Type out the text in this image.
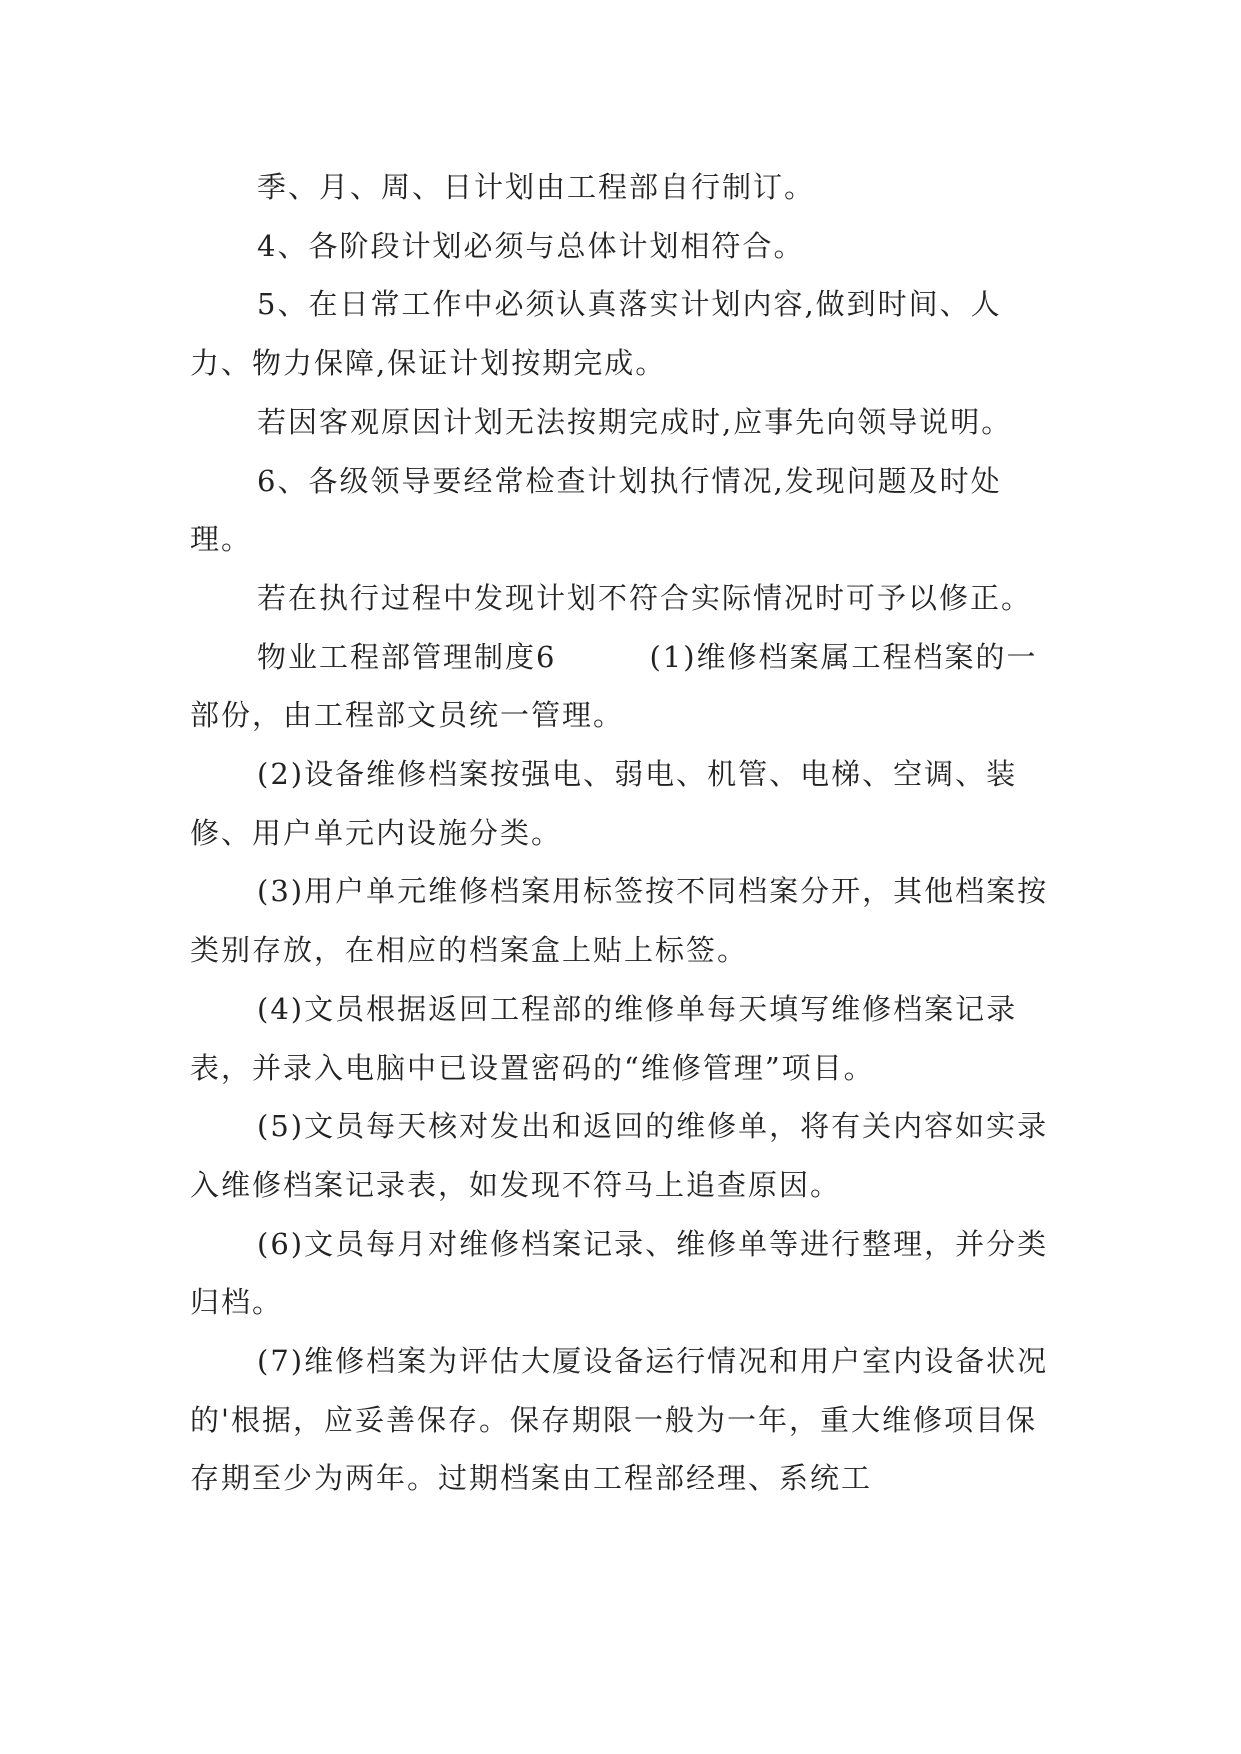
季、月、周、日计划由工程部自行制订。

4、各阶段计划必须与总体计划相符合。

5、在日常工作中必须认真落实计划内容,做到时间、人力、物力保障,保证计划按期完成。

若因客观原因计划无法按期完成时,应事先向领导说明。

6、各级领导要经常检查计划执行情况,发现问题及时处理。

若在执行过程中发现计划不符合实际情况时可予以修正。

物业工程部管理制度6　　　(1)维修档案属工程档案的一部份，由工程部文员统一管理。

(2)设备维修档案按强电、弱电、机管、电梯、空调、装修、用户单元内设施分类。

(3)用户单元维修档案用标签按不同档案分开，其他档案按类别存放，在相应的档案盒上贴上标签。

(4)文员根据返回工程部的维修单每天填写维修档案记录表，并录入电脑中已设置密码的“维修管理”项目。

(5)文员每天核对发出和返回的维修单，将有关内容如实录入维修档案记录表，如发现不符马上追查原因。

(6)文员每月对维修档案记录、维修单等进行整理，并分类归档。

(7)维修档案为评估大厦设备运行情况和用户室内设备状况的'根据，应妥善保存。保存期限一般为一年，重大维修项目保存期至少为两年。过期档案由工程部经理、系统工
